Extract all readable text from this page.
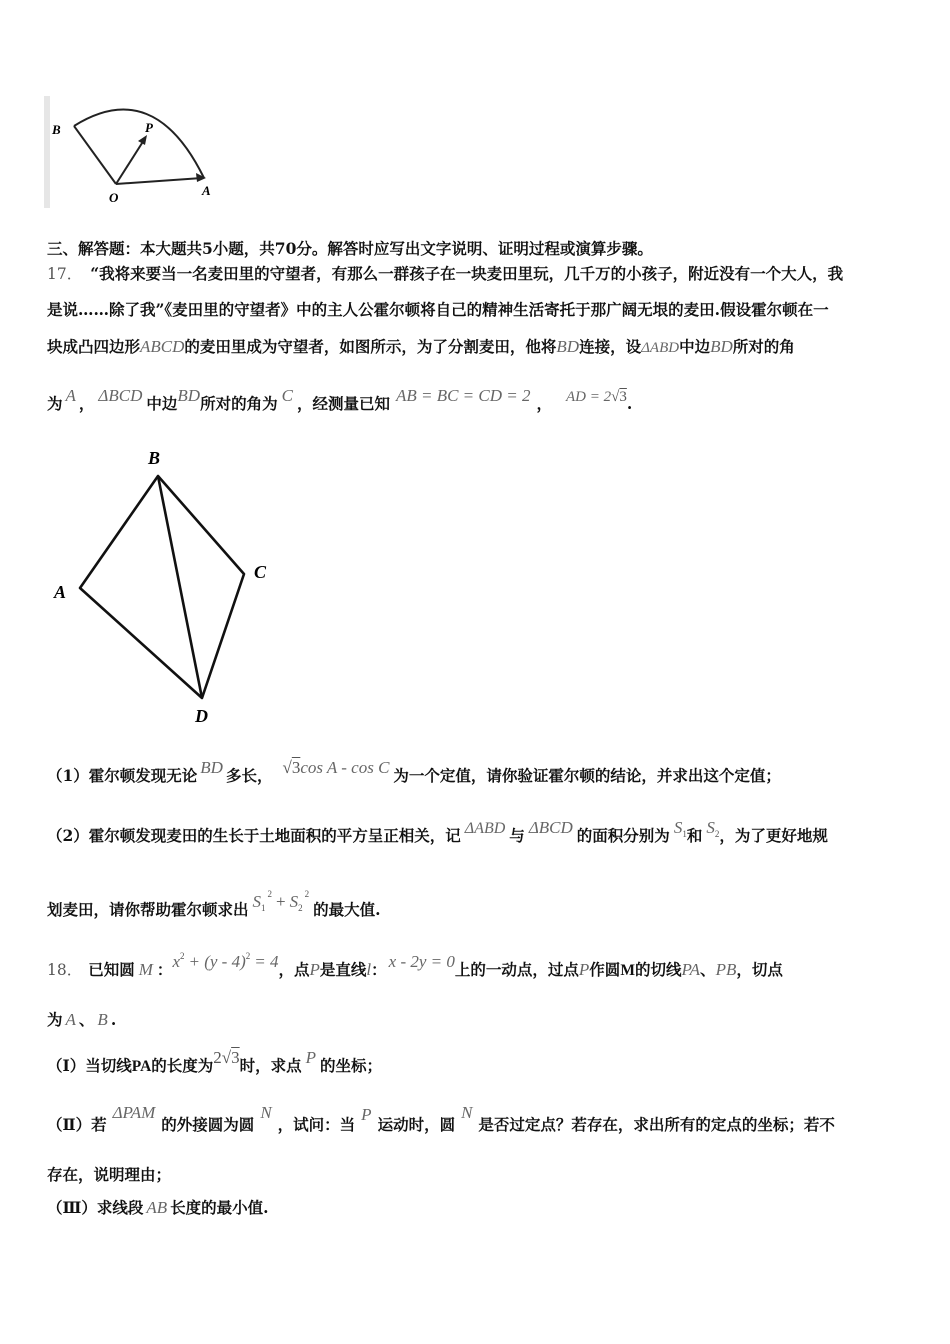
B	P
O	A
三、解答题：本大题共5小题，共70分。解答时应写出文字说明、证明过程或演算步骤。
17． “我将来要当一名麦田里的守望者，有那么一群孩子在一块麦田里玩，几千万的小孩子，附近没有一个大人，我
是说……除了我”《麦田里的守望者》中的主人公霍尔顿将自己的精神生活寄托于那广阔无垠的麦田.假设霍尔顿在一
块成凸四边形ABCD的麦田里成为守望者，如图所示，为了分割麦田，他将BD连接，设ΔABD中边BD所对的角
为 A ， ΔBCD 中边BD所对的角为 C ，经测量已知 AB = BC = CD = 2 ， AD = 2√3.
B
A
C
D
（1）霍尔顿发现无论 BD 多长， √3cos A - cos C 为一个定值，请你验证霍尔顿的结论，并求出这个定值；
（2）霍尔顿发现麦田的生长于土地面积的平方呈正相关，记 ΔABD 与 ΔBCD 的面积分别为 $S^1$和 $S^2$，为了更好地规
划麦田，请你帮助霍尔顿求出 $S^{12} + S^{22}$的最大值.
18． 已知圆 M ：$x^2 + (y - 4)^2 = 4$，点P是直线l： x - 2y = 0上的一动点，过点P作圆M的切线PA、PB，切点
为 A 、 B .
（Ⅰ）当切线PA的长度为2√3时，求点 P 的坐标；
（Ⅱ）若ΔPAM的外接圆为圆N，试问：当P运动时，圆N是否过定点？若存在，求出所有的定点的坐标；若不
存在，说明理由；
（Ⅲ）求线段 AB 长度的最小值.
